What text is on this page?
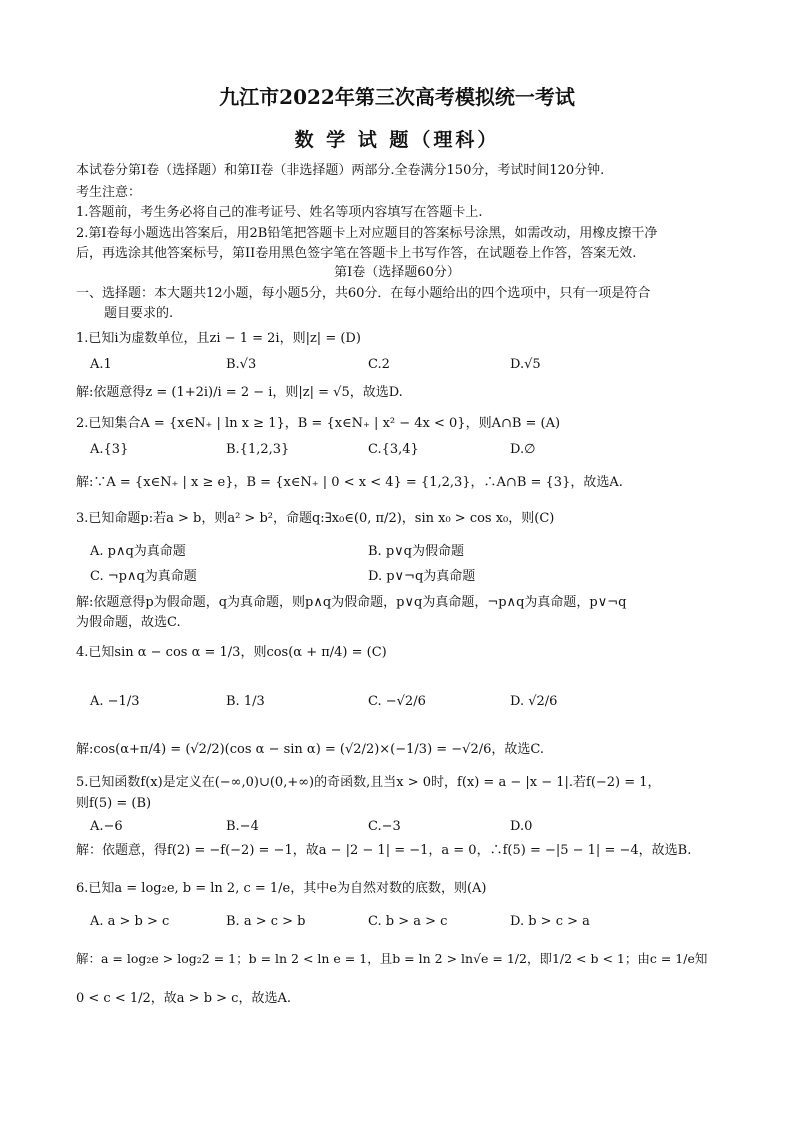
九江市2022年第三次高考模拟统一考试
数 学 试 题（理科）
本试卷分第I卷（选择题）和第II卷（非选择题）两部分.全卷满分150分，考试时间120分钟.
考生注意：
1.答题前，考生务必将自己的准考证号、姓名等项内容填写在答题卡上.
2.第I卷每小题选出答案后，用2B铅笔把答题卡上对应题目的答案标号涂黑，如需改动，用橡皮擦干净
后，再选涂其他答案标号，第II卷用黑色签字笔在答题卡上书写作答，在试题卷上作答，答案无效.
第I卷（选择题60分）
一、选择题：本大题共12小题，每小题5分，共60分．在每小题给出的四个选项中，只有一项是符合
题目要求的.
1.已知i为虚数单位，且zi − 1 = 2i，则|z| = (D)
A.1	B.√3	C.2	D.√5
解:依题意得z = (1+2i)/i = 2 − i，则|z| = √5，故选D.
2.已知集合A = {x∈N₊ | ln x ≥ 1}，B = {x∈N₊ | x² − 4x < 0}，则A∩B = (A)
A.{3}	B.{1,2,3}	C.{3,4}	D.∅
解:∵A = {x∈N₊ | x ≥ e}，B = {x∈N₊ | 0 < x < 4} = {1,2,3}，∴A∩B = {3}，故选A.
3.已知命题p:若a > b，则a² > b²，命题q:∃x₀∈(0, π/2)，sin x₀ > cos x₀，则(C)
A. p∧q为真命题	B. p∨q为假命题
C. ¬p∧q为真命题	D. p∨¬q为真命题
解:依题意得p为假命题，q为真命题，则p∧q为假命题，p∨q为真命题，¬p∧q为真命题，p∨¬q
为假命题，故选C.
4.已知sin α − cos α = 1/3，则cos(α + π/4) = (C)
A. −1/3	B. 1/3	C. −√2/6	D. √2/6
解:cos(α+π/4) = (√2/2)(cos α − sin α) = (√2/2)×(−1/3) = −√2/6，故选C.
5.已知函数f(x)是定义在(−∞,0)∪(0,+∞)的奇函数,且当x > 0时，f(x) = a − |x − 1|.若f(−2) = 1，
则f(5) = (B)
A.−6	B.−4	C.−3	D.0
解：依题意，得f(2) = −f(−2) = −1，故a − |2 − 1| = −1，a = 0，∴f(5) = −|5 − 1| = −4，故选B.
6.已知a = log₂e, b = ln 2, c = 1/e，其中e为自然对数的底数，则(A)
A. a > b > c	B. a > c > b	C. b > a > c	D. b > c > a
解：a = log₂e > log₂2 = 1；b = ln 2 < ln e = 1，且b = ln 2 > ln√e = 1/2，即1/2 < b < 1；由c = 1/e知
0 < c < 1/2，故a > b > c，故选A.
